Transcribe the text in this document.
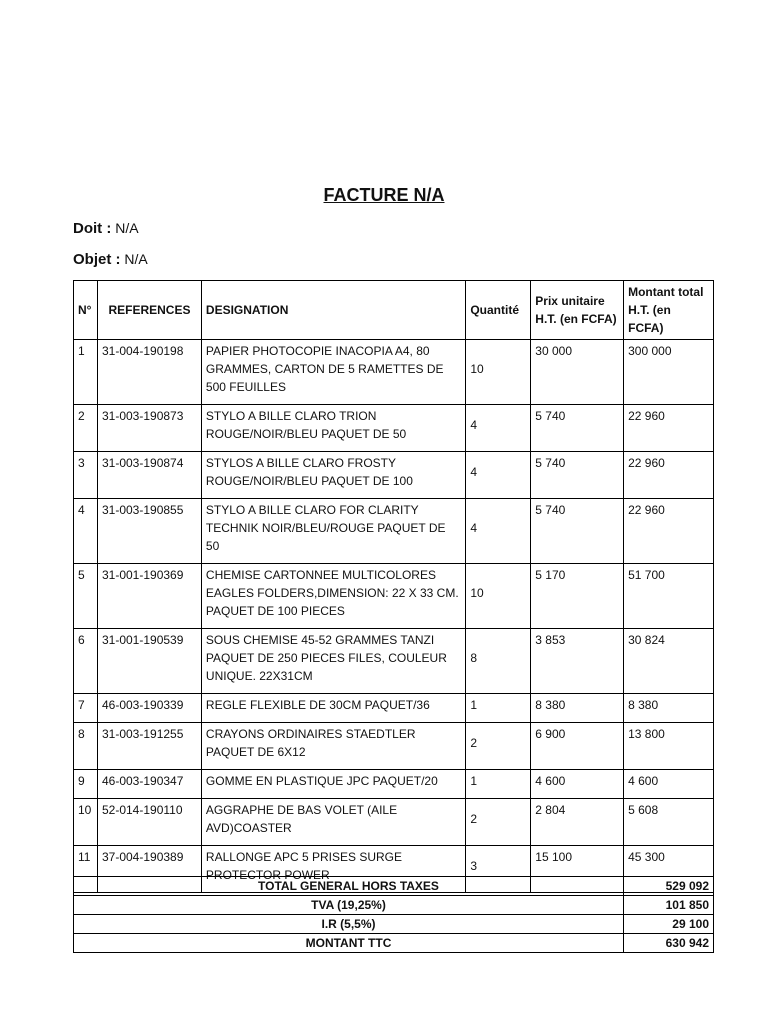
FACTURE N/A
Doit : N/A
Objet : N/A
N°	REFERENCES	DESIGNATION	Quantité	Prix unitaire H.T. (en FCFA)	Montant total H.T. (en FCFA)
1	31-004-190198	PAPIER PHOTOCOPIE INACOPIA A4, 80 GRAMMES, CARTON DE 5 RAMETTES DE 500 FEUILLES	10	30 000	300 000
2	31-003-190873	STYLO A BILLE CLARO TRION ROUGE/NOIR/BLEU PAQUET DE 50	4	5 740	22 960
3	31-003-190874	STYLOS A BILLE CLARO FROSTY ROUGE/NOIR/BLEU PAQUET DE 100	4	5 740	22 960
4	31-003-190855	STYLO A BILLE CLARO FOR CLARITY TECHNIK NOIR/BLEU/ROUGE PAQUET DE 50	4	5 740	22 960
5	31-001-190369	CHEMISE CARTONNEE MULTICOLORES EAGLES FOLDERS,DIMENSION: 22 X 33 CM. PAQUET DE 100 PIECES	10	5 170	51 700
6	31-001-190539	SOUS CHEMISE 45-52 GRAMMES TANZI PAQUET DE 250 PIECES FILES, COULEUR UNIQUE. 22X31CM	8	3 853	30 824
7	46-003-190339	REGLE FLEXIBLE DE 30CM PAQUET/36	1	8 380	8 380
8	31-003-191255	CRAYONS ORDINAIRES STAEDTLER PAQUET DE 6X12	2	6 900	13 800
9	46-003-190347	GOMME EN PLASTIQUE JPC PAQUET/20	1	4 600	4 600
10	52-014-190110	AGGRAPHE DE BAS VOLET (AILE AVD)COASTER	2	2 804	5 608
11	37-004-190389	RALLONGE APC 5 PRISES SURGE PROTECTOR POWER	3	15 100	45 300
TOTAL GENERAL HORS TAXES	529 092
TVA (19,25%)	101 850
I.R (5,5%)	29 100
MONTANT TTC	630 942
